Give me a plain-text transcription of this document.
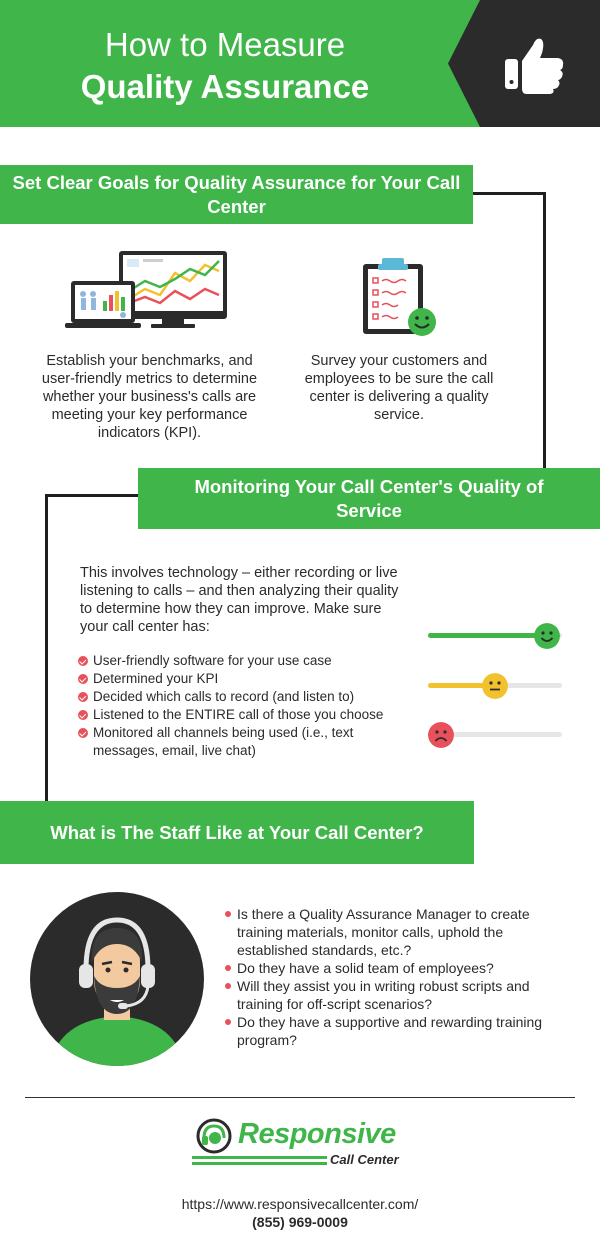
How to Measure
Quality Assurance
Set Clear Goals for Quality Assurance for Your Call Center
Establish your benchmarks, and user-friendly metrics to determine whether your business's calls are meeting your key performance indicators (KPI).
Survey your customers and employees to be sure the call center is delivering a quality service.
Monitoring Your Call Center's Quality of Service
This involves technology – either recording or live listening to calls – and then analyzing their quality to determine how they can improve. Make sure your call center has:
User-friendly software for your use case
Determined your KPI
Decided which calls to record (and listen to)
Listened to the ENTIRE call of those you choose
Monitored all channels being used (i.e., text messages, email, live chat)
What is The Staff Like at Your Call Center?
Is there a Quality Assurance Manager to create training materials, monitor calls, uphold the established standards, etc.?
Do they have a solid team of employees?
Will they assist you in writing robust scripts and training for off-script scenarios?
Do they have a supportive and rewarding training program?
Responsive
Call Center
https://www.responsivecallcenter.com/
(855) 969-0009
